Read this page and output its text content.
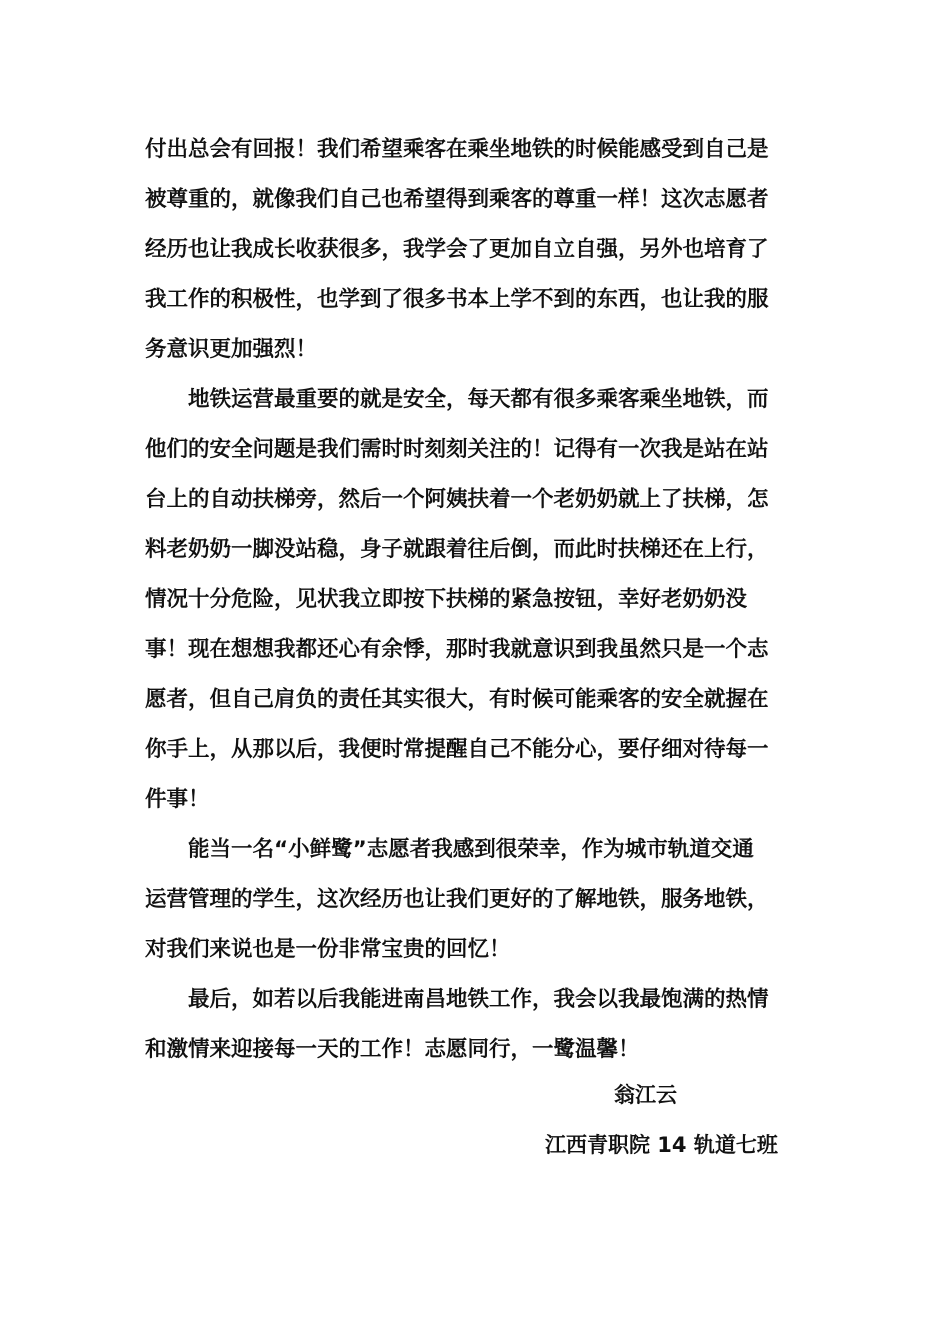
付出总会有回报！我们希望乘客在乘坐地铁的时候能感受到自己是
被尊重的，就像我们自己也希望得到乘客的尊重一样！这次志愿者
经历也让我成长收获很多，我学会了更加自立自强，另外也培育了
我工作的积极性，也学到了很多书本上学不到的东西，也让我的服
务意识更加强烈！
地铁运营最重要的就是安全，每天都有很多乘客乘坐地铁，而
他们的安全问题是我们需时时刻刻关注的！记得有一次我是站在站
台上的自动扶梯旁，然后一个阿姨扶着一个老奶奶就上了扶梯，怎
料老奶奶一脚没站稳，身子就跟着往后倒，而此时扶梯还在上行，
情况十分危险，见状我立即按下扶梯的紧急按钮，幸好老奶奶没
事！现在想想我都还心有余悸，那时我就意识到我虽然只是一个志
愿者，但自己肩负的责任其实很大，有时候可能乘客的安全就握在
你手上，从那以后，我便时常提醒自己不能分心，要仔细对待每一
件事！
能当一名“小鲜鹭”志愿者我感到很荣幸，作为城市轨道交通
运营管理的学生，这次经历也让我们更好的了解地铁，服务地铁，
对我们来说也是一份非常宝贵的回忆！
最后，如若以后我能进南昌地铁工作，我会以我最饱满的热情
和激情来迎接每一天的工作！志愿同行，一鹭温馨！
翁江云
江西青职院 14 轨道七班
